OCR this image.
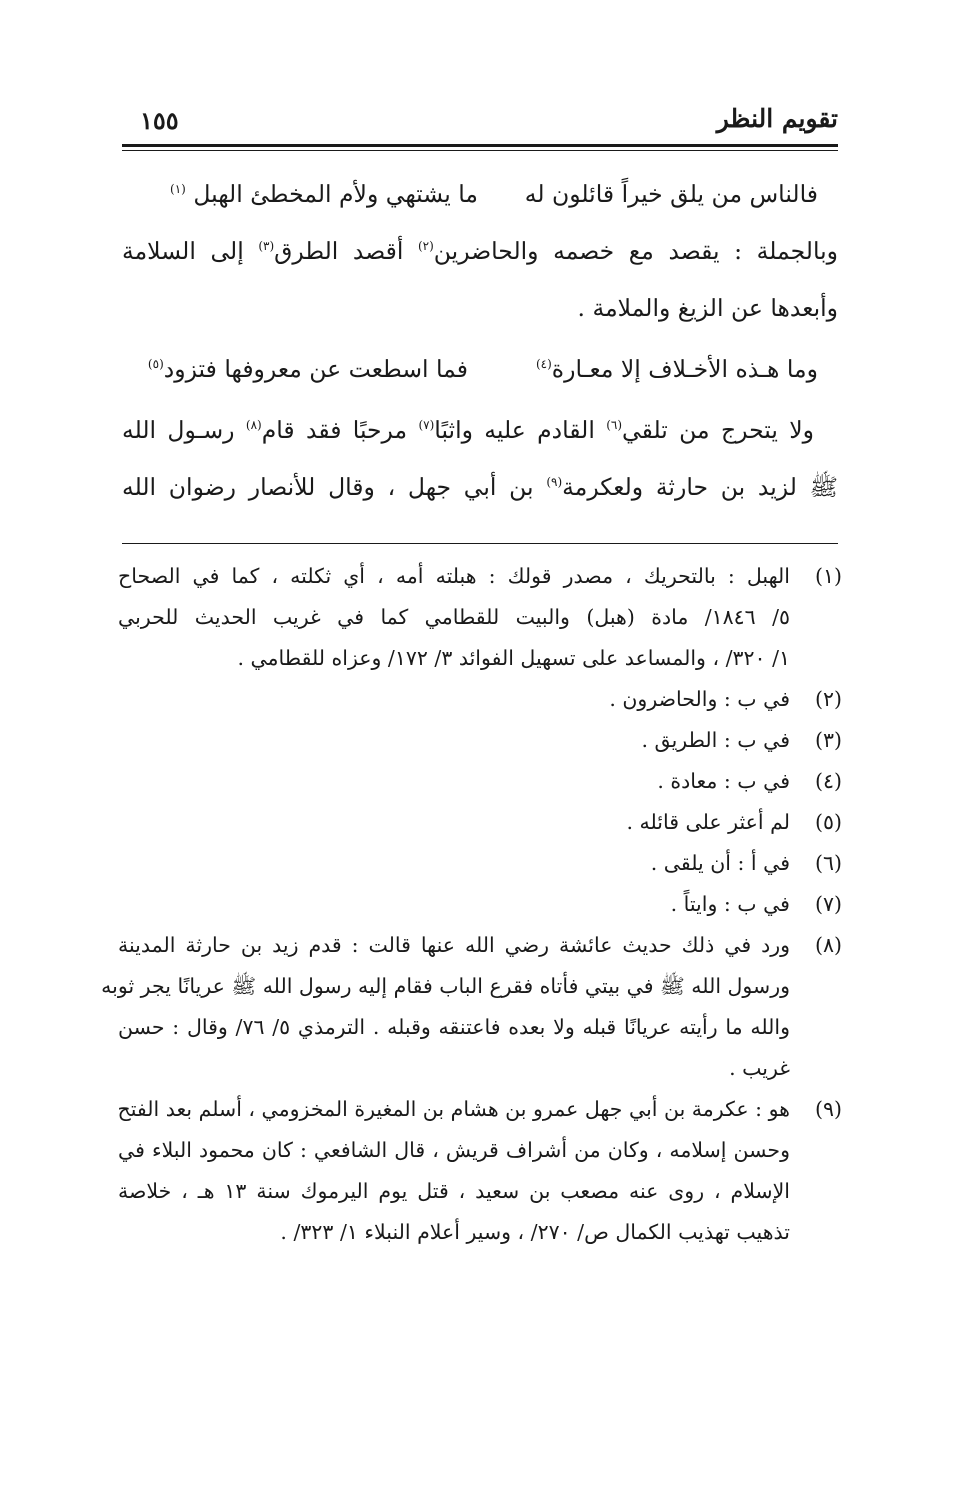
١٥٥	تقويم النظر
فالناس من يلق خيراً قائلون له
ما يشتهي ولأم المخطئ الهبل $^{(١)}$
وبالجملة : يقصد مع خصمه والحاضرين$^{(٢)}$ أقصد الطرق$^{(٣)}$ إلى السلامة
وأبعدها عن الزيغ والملامة .
وما هـذه الأخـلاف إلا معـارة$^{(٤)}$
فما اسطعت عن معروفها فتزود$^{(٥)}$
ولا يتحرج من تلقي$^{(٦)}$ القادم عليه واثبًا$^{(٧)}$ مرحبًا فقد قام$^{(٨)}$ رسـول الله
ﷺ لزيد بن حارثة ولعكرمة$^{(٩)}$ بن أبي جهل ، وقال للأنصار رضوان الله
(١)
الهبل : بالتحريك ، مصدر قولك : هبلته أمه ، أي ثكلته ، كما في الصحاح
٥/ ١٨٤٦/ مادة (هبل) والبيت للقطامي كما في غريب الحديث للحربي
١/ ٣٢٠/ ، والمساعد على تسهيل الفوائد ٣/ ١٧٢/ وعزاه للقطامي .
(٢)
في ب : والحاضرون .
(٣)
في ب : الطريق .
(٤)
في ب : معادة .
(٥)
لم أعثر على قائله .
(٦)
في أ : أن يلقى .
(٧)
في ب : وايتاً .
(٨)
ورد في ذلك حديث عائشة رضي الله عنها قالت : قدم زيد بن حارثة المدينة
ورسول الله ﷺ في بيتي فأتاه فقرع الباب فقام إليه رسول الله ﷺ عريانًا يجر ثوبه
والله ما رأيته عريانًا قبله ولا بعده فاعتنقه وقبله . الترمذي ٥/ ٧٦/ وقال : حسن
غريب .
(٩)
هو : عكرمة بن أبي جهل عمرو بن هشام بن المغيرة المخزومي ، أسلم بعد الفتح
وحسن إسلامه ، وكان من أشراف قريش ، قال الشافعي : كان محمود البلاء في
الإسلام ، روى عنه مصعب بن سعيد ، قتل يوم اليرموك سنة ١٣ هـ ، خلاصة
تذهيب تهذيب الكمال ص/ ٢٧٠/ ، وسير أعلام النبلاء ١/ ٣٢٣/ .
